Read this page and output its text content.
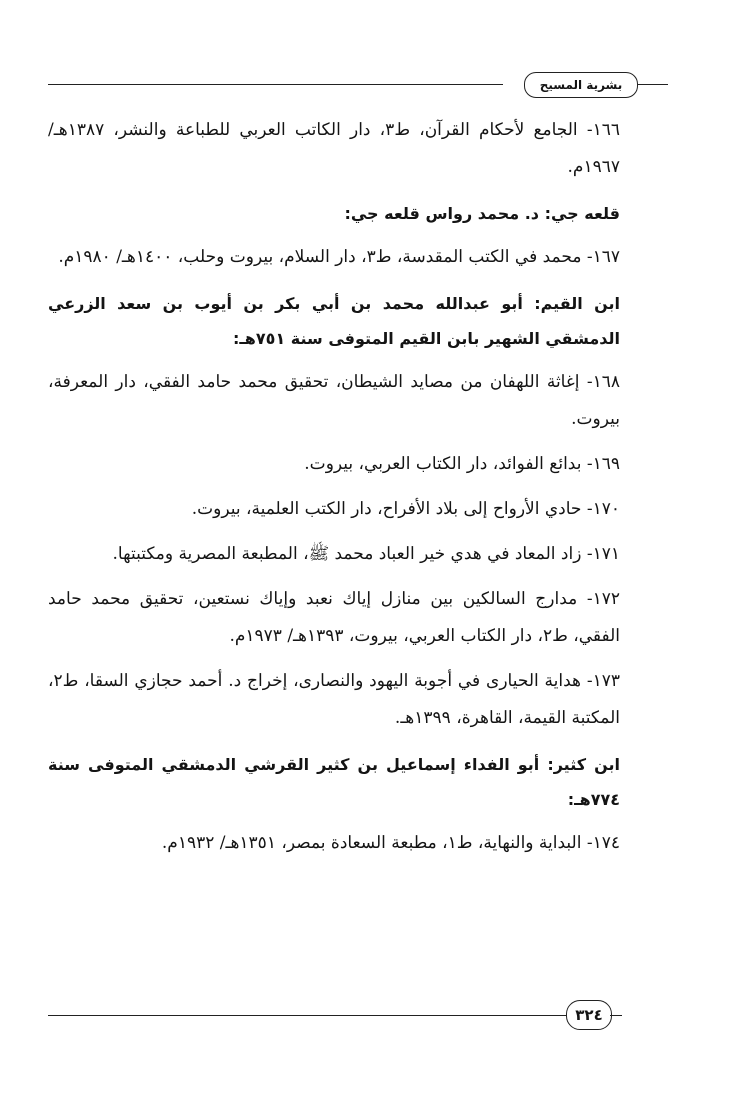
بشرية المسيح

١٦٦- الجامع لأحكام القرآن، ط٣، دار الكاتب العربي للطباعة والنشر، ١٣٨٧هـ/ ١٩٦٧م.

قلعه جي: د. محمد رواس قلعه جي:

١٦٧- محمد في الكتب المقدسة، ط٣، دار السلام، بيروت وحلب، ١٤٠٠هـ/ ١٩٨٠م.

ابن القيم: أبو عبدالله محمد بن أبي بكر بن أيوب بن سعد الزرعي الدمشقي الشهير بابن القيم المتوفى سنة ٧٥١هـ:

١٦٨- إغاثة اللهفان من مصايد الشيطان، تحقيق محمد حامد الفقي، دار المعرفة، بيروت.

١٦٩- بدائع الفوائد، دار الكتاب العربي، بيروت.

١٧٠- حادي الأرواح إلى بلاد الأفراح، دار الكتب العلمية، بيروت.

١٧١- زاد المعاد في هدي خير العباد محمد ﷺ، المطبعة المصرية ومكتبتها.

١٧٢- مدارج السالكين بين منازل إياك نعبد وإياك نستعين، تحقيق محمد حامد الفقي، ط٢، دار الكتاب العربي، بيروت، ١٣٩٣هـ/ ١٩٧٣م.

١٧٣- هداية الحيارى في أجوبة اليهود والنصارى، إخراج د. أحمد حجازي السقا، ط٢، المكتبة القيمة، القاهرة، ١٣٩٩هـ.

ابن كثير: أبو الفداء إسماعيل بن كثير القرشي الدمشقي المتوفى سنة ٧٧٤هـ:

١٧٤- البداية والنهاية، ط١، مطبعة السعادة بمصر، ١٣٥١هـ/ ١٩٣٢م.

٣٢٤
